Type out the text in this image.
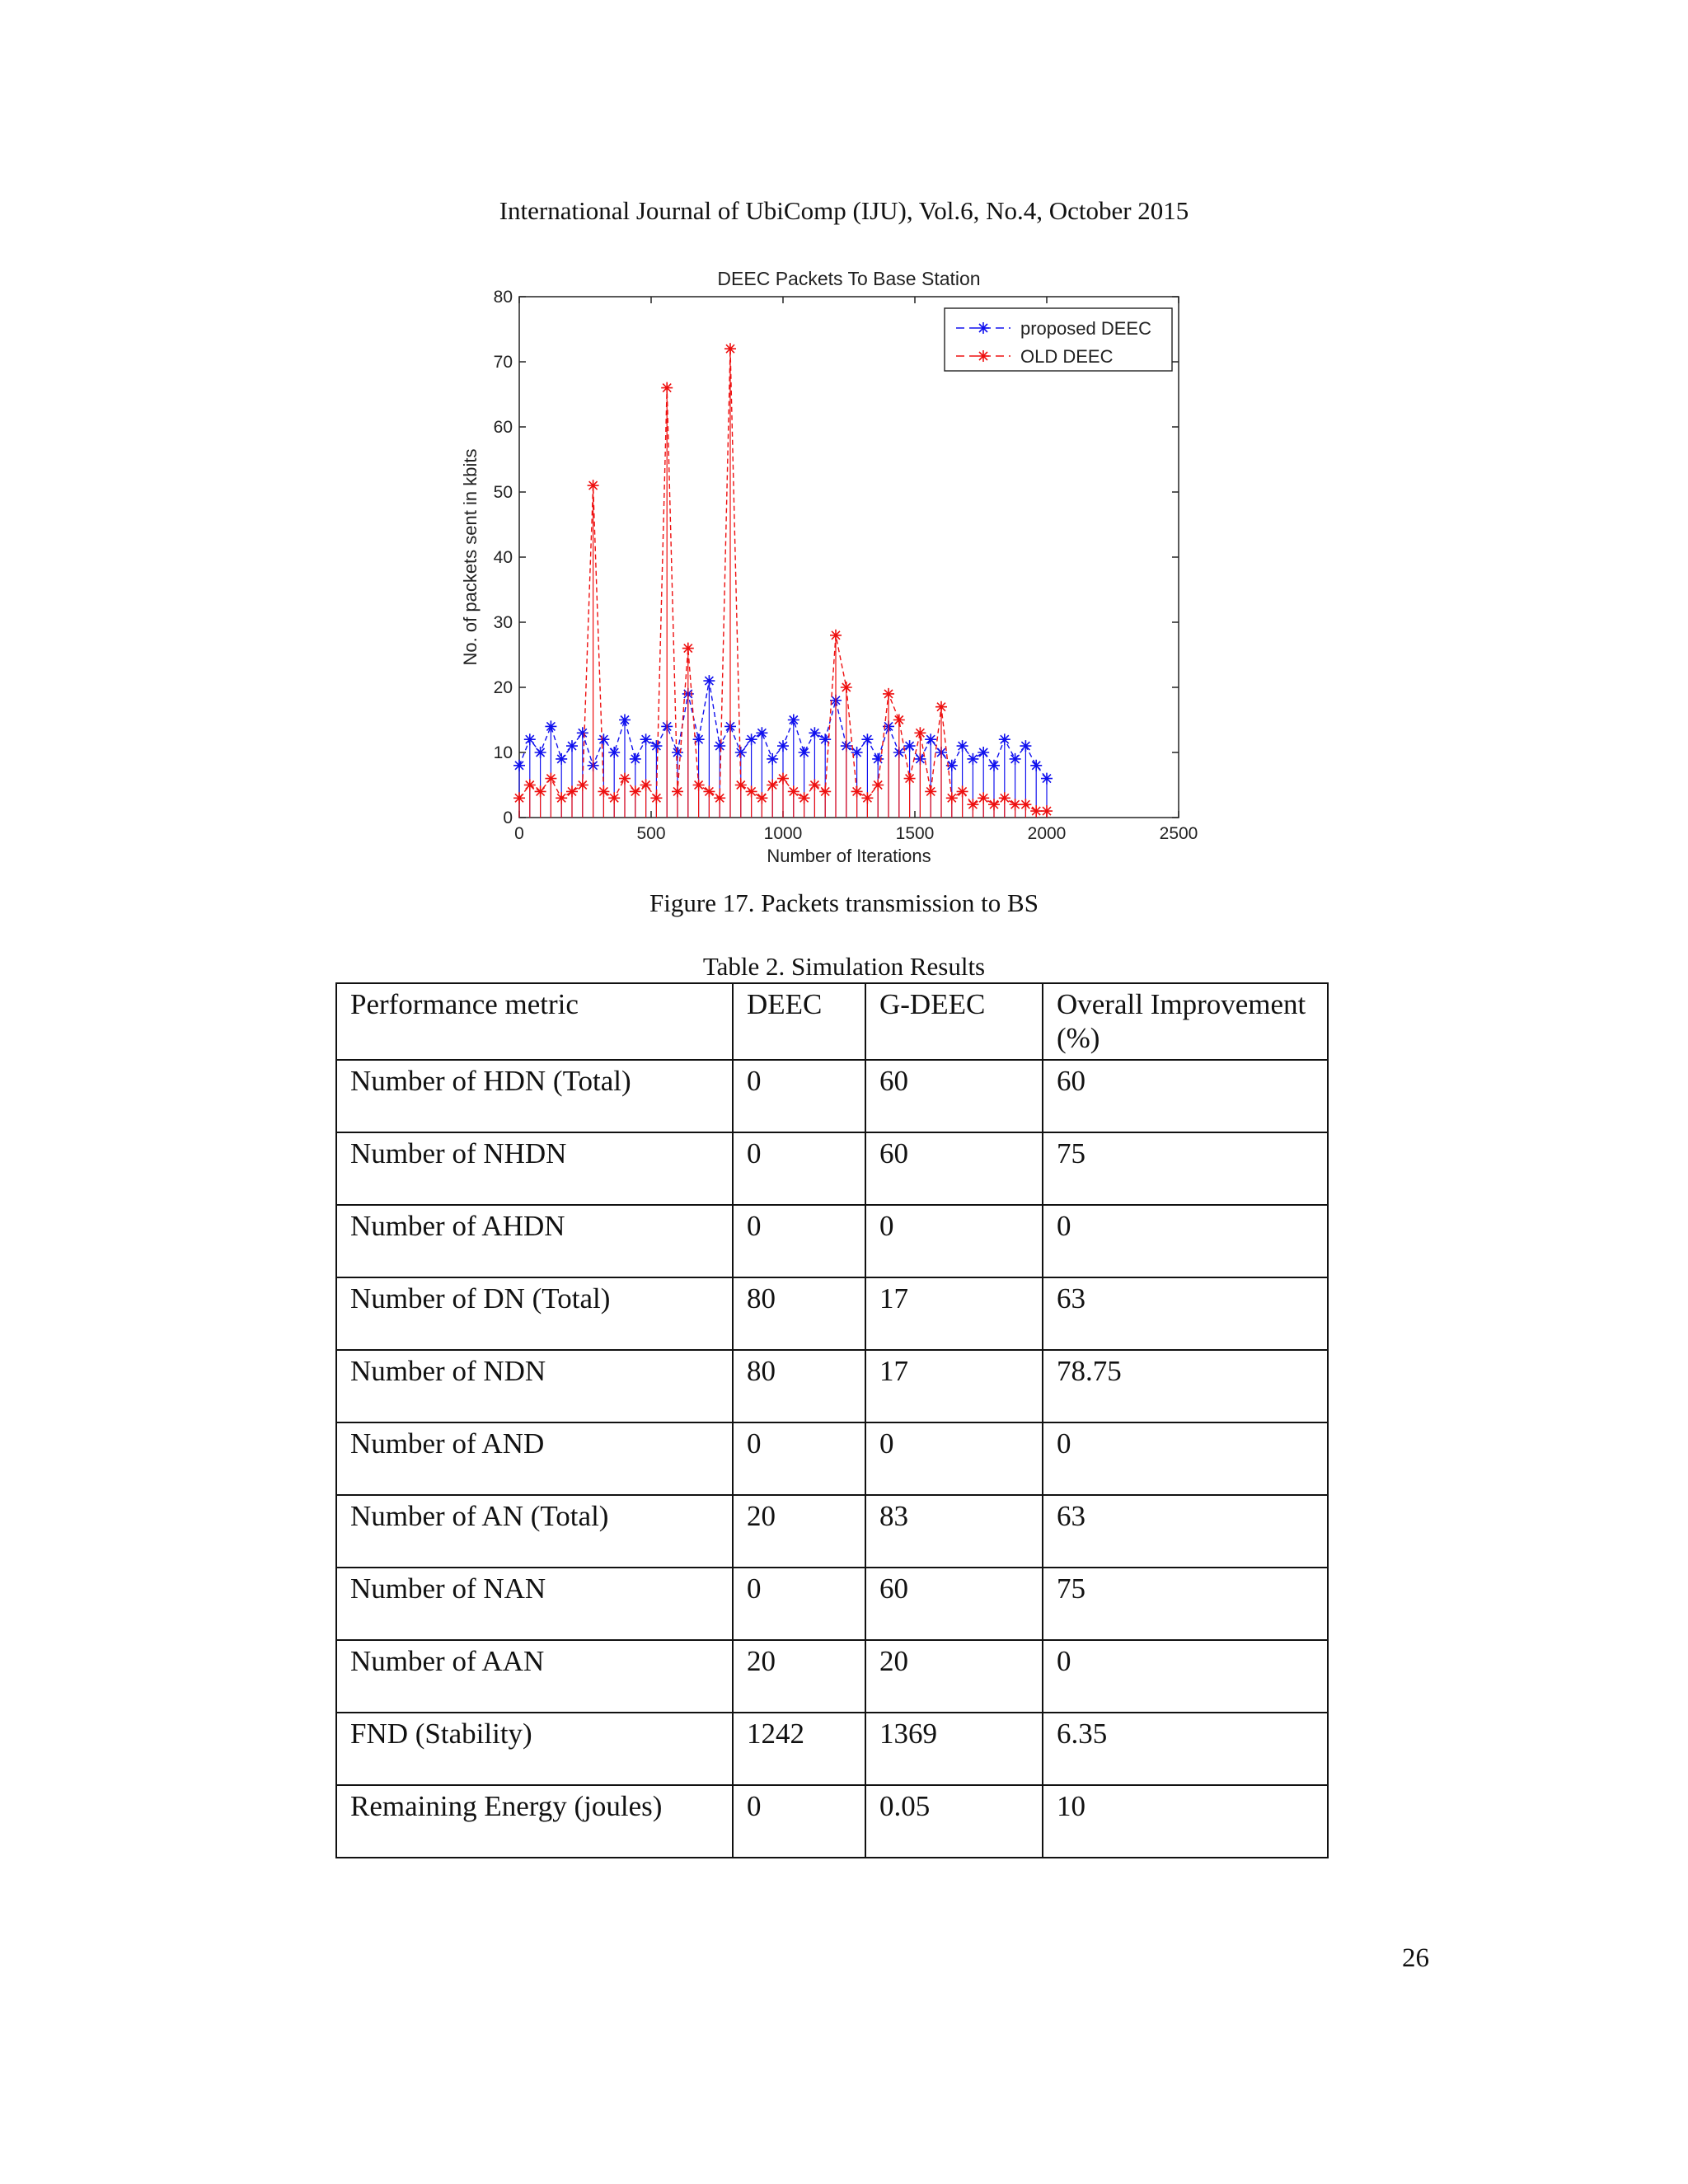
International Journal of UbiComp (IJU), Vol.6, No.4, October 2015
DEEC Packets To Base Station
0	500	1000	1500	2000	2500
0
10
20
30
40
50
60
70
80
Number of Iterations
No. of packets sent in kbits
proposed DEEC
OLD DEEC
Figure 17. Packets transmission to BS
Table 2. Simulation Results
Performance metric	DEEC	G-DEEC	Overall Improvement (%)
Number of HDN (Total)	0	60	60
Number of NHDN	0	60	75
Number of AHDN	0	0	0
Number of DN (Total)	80	17	63
Number of NDN	80	17	78.75
Number of AND	0	0	0
Number of AN (Total)	20	83	63
Number of NAN	0	60	75
Number of AAN	20	20	0
FND (Stability)	1242	1369	6.35
Remaining Energy (joules)	0	0.05	10
26
